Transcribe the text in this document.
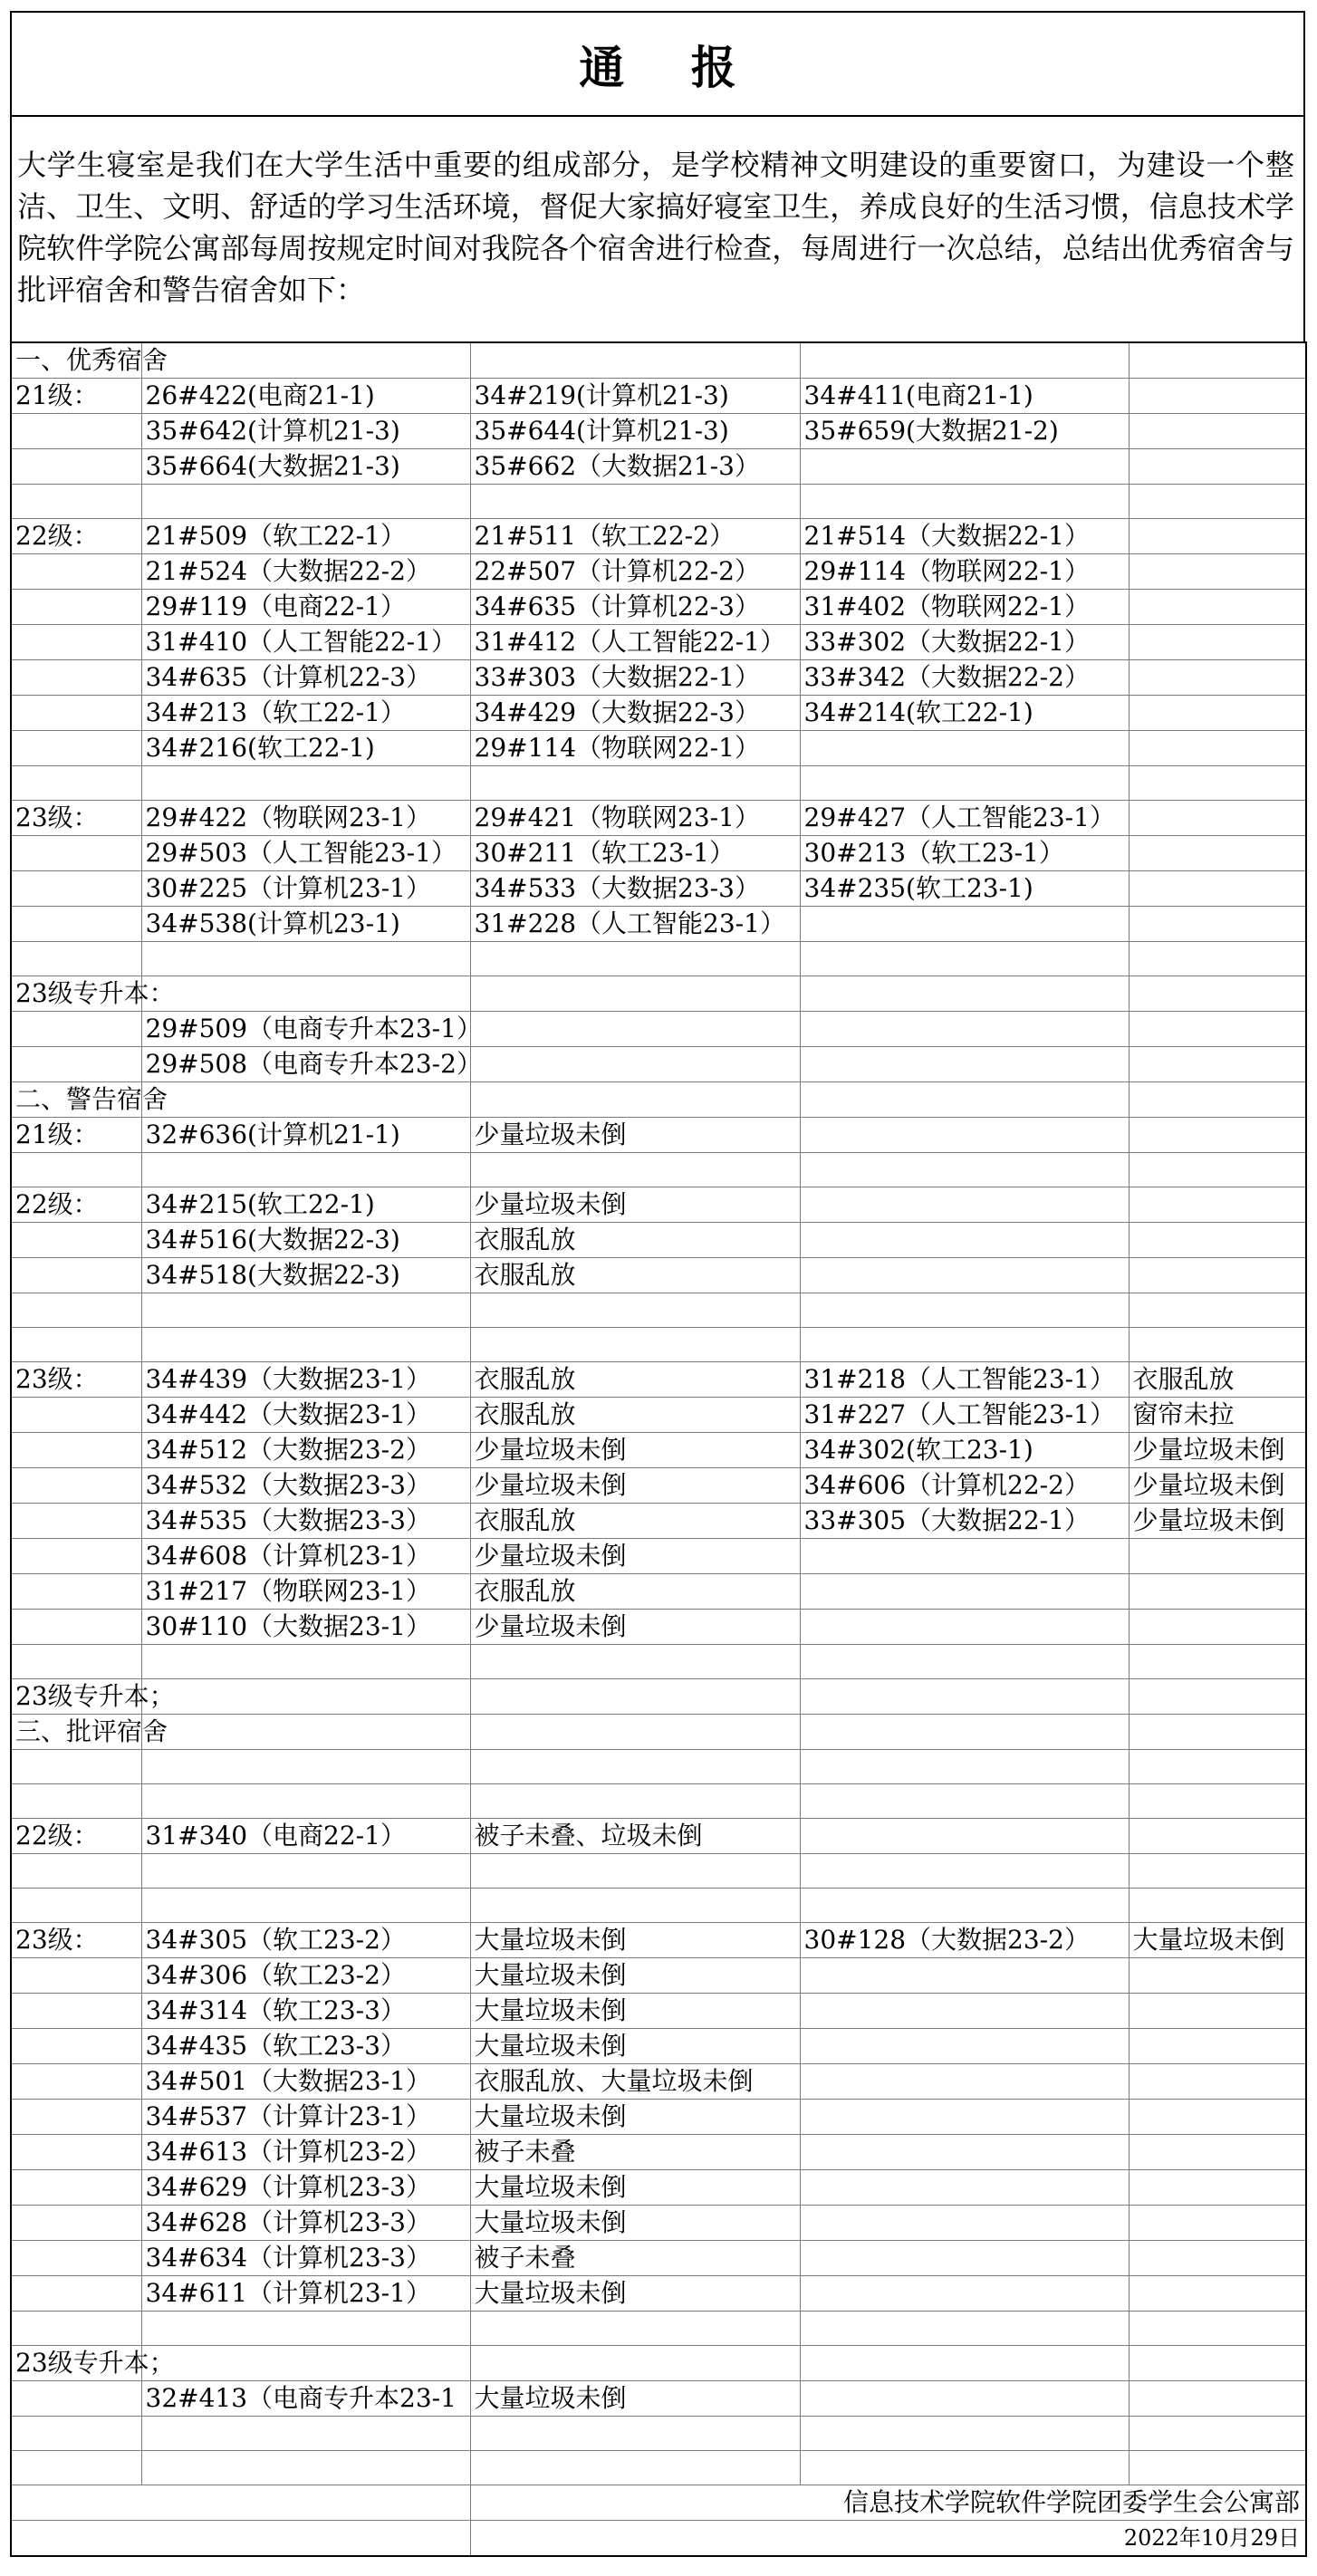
通 报
大学生寝室是我们在大学生活中重要的组成部分，是学校精神文明建设的重要窗口，为建设一个整洁、卫生、文明、舒适的学习生活环境，督促大家搞好寝室卫生，养成良好的生活习惯，信息技术学院软件学院公寓部每周按规定时间对我院各个宿舍进行检查，每周进行一次总结，总结出优秀宿舍与批评宿舍和警告宿舍如下：
一、优秀宿舍				
21级：	26#422(电商21-1)	34#219(计算机21-3)	34#411(电商21-1)	
	35#642(计算机21-3)	35#644(计算机21-3)	35#659(大数据21-2)	
	35#664(大数据21-3)	35#662（大数据21-3）		

22级：	21#509（软工22-1）	21#511（软工22-2）	21#514（大数据22-1）	
	21#524（大数据22-2）	22#507（计算机22-2）	29#114（物联网22-1）	
	29#119（电商22-1）	34#635（计算机22-3）	31#402（物联网22-1）	
	31#410（人工智能22-1）	31#412（人工智能22-1）	33#302（大数据22-1）	
	34#635（计算机22-3）	33#303（大数据22-1）	33#342（大数据22-2）	
	34#213（软工22-1）	34#429（大数据22-3）	34#214(软工22-1)	
	34#216(软工22-1)	29#114（物联网22-1）		

23级：	29#422（物联网23-1）	29#421（物联网23-1）	29#427（人工智能23-1）	
	29#503（人工智能23-1）	30#211（软工23-1）	30#213（软工23-1）	
	30#225（计算机23-1）	34#533（大数据23-3）	34#235(软工23-1)	
	34#538(计算机23-1)	31#228（人工智能23-1）		

23级专升本：				
	29#509（电商专升本23-1）			
	29#508（电商专升本23-2）			
二、警告宿舍				
21级：	32#636(计算机21-1)	少量垃圾未倒		

22级：	34#215(软工22-1)	少量垃圾未倒		
	34#516(大数据22-3)	衣服乱放		
	34#518(大数据22-3)	衣服乱放		

23级：	34#439（大数据23-1）	衣服乱放	31#218（人工智能23-1）	衣服乱放
	34#442（大数据23-1）	衣服乱放	31#227（人工智能23-1）	窗帘未拉
	34#512（大数据23-2）	少量垃圾未倒	34#302(软工23-1)	少量垃圾未倒
	34#532（大数据23-3）	少量垃圾未倒	34#606（计算机22-2）	少量垃圾未倒
	34#535（大数据23-3）	衣服乱放	33#305（大数据22-1）	少量垃圾未倒
	34#608（计算机23-1）	少量垃圾未倒		
	31#217（物联网23-1）	衣服乱放		
	30#110（大数据23-1）	少量垃圾未倒		

23级专升本；				
三、批评宿舍				

22级：	31#340（电商22-1）	被子未叠、垃圾未倒		

23级：	34#305（软工23-2）	大量垃圾未倒	30#128（大数据23-2）	大量垃圾未倒
	34#306（软工23-2）	大量垃圾未倒		
	34#314（软工23-3）	大量垃圾未倒		
	34#435（软工23-3）	大量垃圾未倒		
	34#501（大数据23-1）	衣服乱放、大量垃圾未倒		
	34#537（计算计23-1）	大量垃圾未倒		
	34#613（计算机23-2）	被子未叠		
	34#629（计算机23-3）	大量垃圾未倒		
	34#628（计算机23-3）	大量垃圾未倒		
	34#634（计算机23-3）	被子未叠		
	34#611（计算机23-1）	大量垃圾未倒		

23级专升本；				
	32#413（电商专升本23-1	大量垃圾未倒		

		信息技术学院软件学院团委学生会公寓部		
		2022年10月29日		
